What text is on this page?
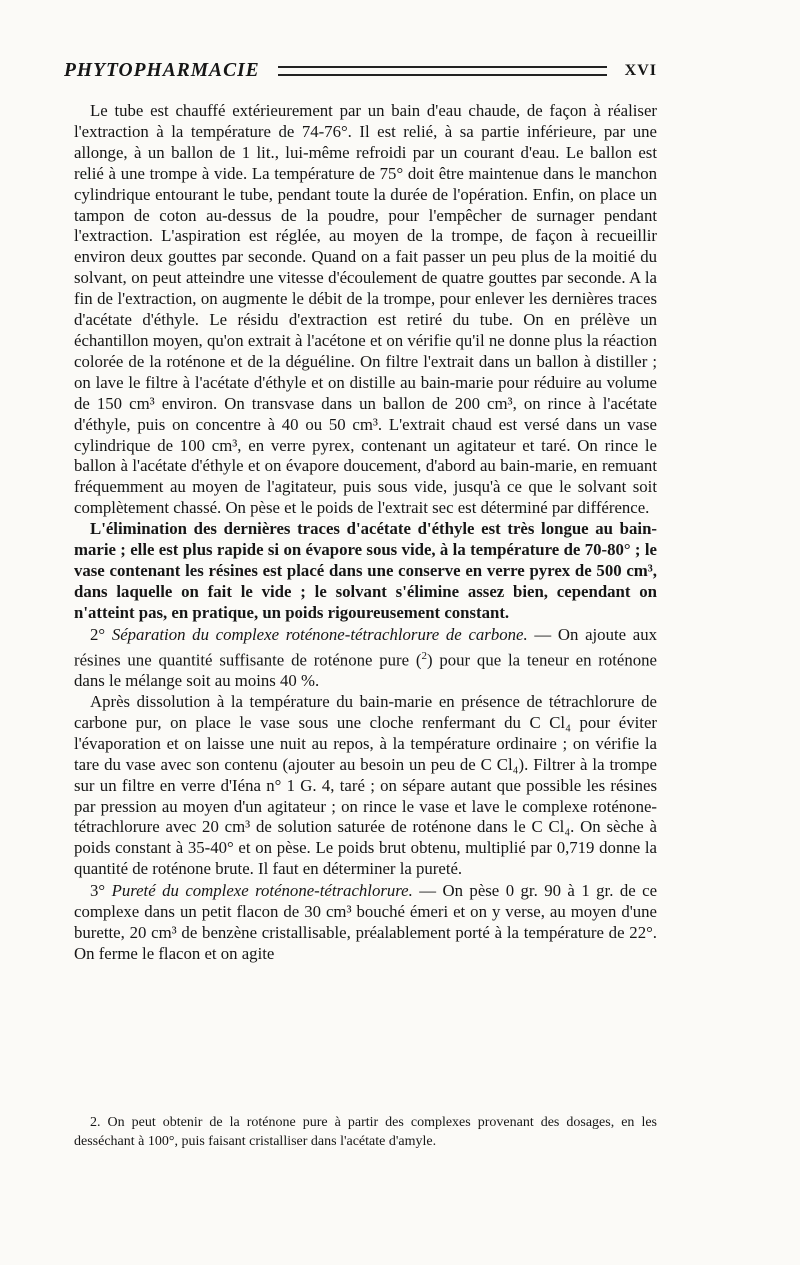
PHYTOPHARMACIE	XVI

Le tube est chauffé extérieurement par un bain d'eau chaude, de façon à réaliser l'extraction à la température de 74-76°. Il est relié, à sa partie inférieure, par une allonge, à un ballon de 1 lit., lui-même refroidi par un courant d'eau. Le ballon est relié à une trompe à vide. La température de 75° doit être maintenue dans le manchon cylindrique entourant le tube, pendant toute la durée de l'opération. Enfin, on place un tampon de coton au-dessus de la poudre, pour l'empêcher de surnager pendant l'extraction. L'aspiration est réglée, au moyen de la trompe, de façon à recueillir environ deux gouttes par seconde. Quand on a fait passer un peu plus de la moitié du solvant, on peut atteindre une vitesse d'écoulement de quatre gouttes par seconde. A la fin de l'extraction, on augmente le débit de la trompe, pour enlever les dernières traces d'acétate d'éthyle. Le résidu d'extraction est retiré du tube. On en prélève un échantillon moyen, qu'on extrait à l'acétone et on vérifie qu'il ne donne plus la réaction colorée de la roténone et de la déguéline. On filtre l'extrait dans un ballon à distiller ; on lave le filtre à l'acétate d'éthyle et on distille au bain-marie pour réduire au volume de 150 cm³ environ. On transvase dans un ballon de 200 cm³, on rince à l'acétate d'éthyle, puis on concentre à 40 ou 50 cm³. L'extrait chaud est versé dans un vase cylindrique de 100 cm³, en verre pyrex, contenant un agitateur et taré. On rince le ballon à l'acétate d'éthyle et on évapore doucement, d'abord au bain-marie, en remuant fréquemment au moyen de l'agitateur, puis sous vide, jusqu'à ce que le solvant soit complètement chassé. On pèse et le poids de l'extrait sec est déterminé par différence.

L'élimination des dernières traces d'acétate d'éthyle est très longue au bain-marie ; elle est plus rapide si on évapore sous vide, à la température de 70-80° ; le vase contenant les résines est placé dans une conserve en verre pyrex de 500 cm³, dans laquelle on fait le vide ; le solvant s'élimine assez bien, cependant on n'atteint pas, en pratique, un poids rigoureusement constant.

2° Séparation du complexe roténone-tétrachlorure de carbone. — On ajoute aux résines une quantité suffisante de roténone pure ($^2$) pour que la teneur en roténone dans le mélange soit au moins 40 %.

Après dissolution à la température du bain-marie en présence de tétrachlorure de carbone pur, on place le vase sous une cloche renfermant du C Cl₄ pour éviter l'évaporation et on laisse une nuit au repos, à la température ordinaire ; on vérifie la tare du vase avec son contenu (ajouter au besoin un peu de C Cl₄). Filtrer à la trompe sur un filtre en verre d'Iéna n° 1 G. 4, taré ; on sépare autant que possible les résines par pression au moyen d'un agitateur ; on rince le vase et lave le complexe roténone-tétrachlorure avec 20 cm³ de solution saturée de roténone dans le C Cl₄. On sèche à poids constant à 35-40° et on pèse. Le poids brut obtenu, multiplié par 0,719 donne la quantité de roténone brute. Il faut en déterminer la pureté.

3° Pureté du complexe roténone-tétrachlorure. — On pèse 0 gr. 90 à 1 gr. de ce complexe dans un petit flacon de 30 cm³ bouché émeri et on y verse, au moyen d'une burette, 20 cm³ de benzène cristallisable, préalablement porté à la température de 22°. On ferme le flacon et on agite

2. On peut obtenir de la roténone pure à partir des complexes provenant des dosages, en les desséchant à 100°, puis faisant cristalliser dans l'acétate d'amyle.
